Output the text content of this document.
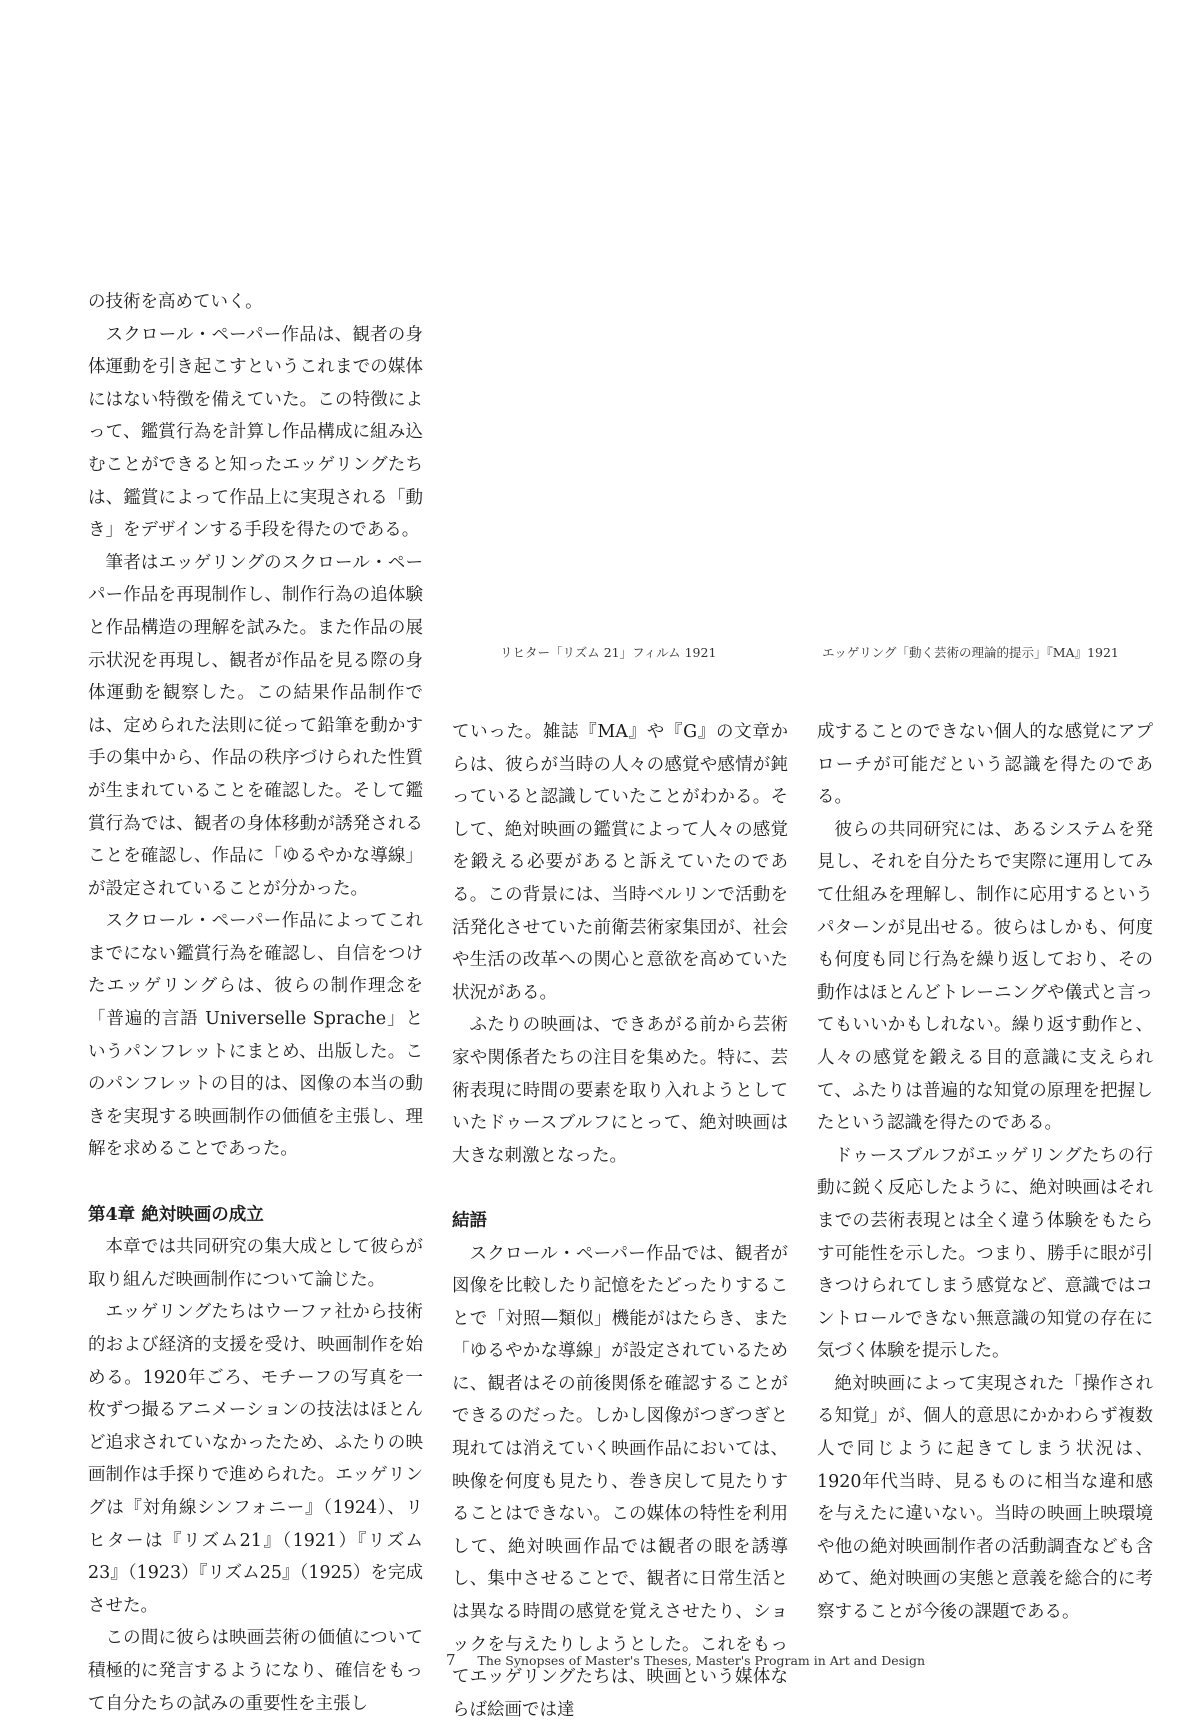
リヒター「リズム 21」フィルム 1921	エッゲリング「動く芸術の理論的提示」『MA』1921

の技術を高めていく。

スクロール・ペーパー作品は、観者の身体運動を引き起こすというこれまでの媒体にはない特徴を備えていた。この特徴によって、鑑賞行為を計算し作品構成に組み込むことができると知ったエッゲリングたちは、鑑賞によって作品上に実現される「動き」をデザインする手段を得たのである。

筆者はエッゲリングのスクロール・ペーパー作品を再現制作し、制作行為の追体験と作品構造の理解を試みた。また作品の展示状況を再現し、観者が作品を見る際の身体運動を観察した。この結果作品制作では、定められた法則に従って鉛筆を動かす手の集中から、作品の秩序づけられた性質が生まれていることを確認した。そして鑑賞行為では、観者の身体移動が誘発されることを確認し、作品に「ゆるやかな導線」が設定されていることが分かった。

スクロール・ペーパー作品によってこれまでにない鑑賞行為を確認し、自信をつけたエッゲリングらは、彼らの制作理念を「普遍的言語 Universelle Sprache」というパンフレットにまとめ、出版した。このパンフレットの目的は、図像の本当の動きを実現する映画制作の価値を主張し、理解を求めることであった。

第4章 絶対映画の成立

本章では共同研究の集大成として彼らが取り組んだ映画制作について論じた。

エッゲリングたちはウーファ社から技術的および経済的支援を受け、映画制作を始める。1920年ごろ、モチーフの写真を一枚ずつ撮るアニメーションの技法はほとんど追求されていなかったため、ふたりの映画制作は手探りで進められた。エッゲリングは『対角線シンフォニー』（1924）、リヒターは『リズム21』（1921）『リズム23』（1923）『リズム25』（1925）を完成させた。

この間に彼らは映画芸術の価値について積極的に発言するようになり、確信をもって自分たちの試みの重要性を主張し

ていった。雑誌『MA』や『G』の文章からは、彼らが当時の人々の感覚や感情が鈍っていると認識していたことがわかる。そして、絶対映画の鑑賞によって人々の感覚を鍛える必要があると訴えていたのである。この背景には、当時ベルリンで活動を活発化させていた前衛芸術家集団が、社会や生活の改革への関心と意欲を高めていた状況がある。

ふたりの映画は、できあがる前から芸術家や関係者たちの注目を集めた。特に、芸術表現に時間の要素を取り入れようとしていたドゥースブルフにとって、絶対映画は大きな刺激となった。

結語

スクロール・ペーパー作品では、観者が図像を比較したり記憶をたどったりすることで「対照—類似」機能がはたらき、また「ゆるやかな導線」が設定されているために、観者はその前後関係を確認することができるのだった。しかし図像がつぎつぎと現れては消えていく映画作品においては、映像を何度も見たり、巻き戻して見たりすることはできない。この媒体の特性を利用して、絶対映画作品では観者の眼を誘導し、集中させることで、観者に日常生活とは異なる時間の感覚を覚えさせたり、ショックを与えたりしようとした。これをもってエッゲリングたちは、映画という媒体ならば絵画では達

成することのできない個人的な感覚にアプローチが可能だという認識を得たのである。

彼らの共同研究には、あるシステムを発見し、それを自分たちで実際に運用してみて仕組みを理解し、制作に応用するというパターンが見出せる。彼らはしかも、何度も何度も同じ行為を繰り返しており、その動作はほとんどトレーニングや儀式と言ってもいいかもしれない。繰り返す動作と、人々の感覚を鍛える目的意識に支えられて、ふたりは普遍的な知覚の原理を把握したという認識を得たのである。

ドゥースブルフがエッゲリングたちの行動に鋭く反応したように、絶対映画はそれまでの芸術表現とは全く違う体験をもたらす可能性を示した。つまり、勝手に眼が引きつけられてしまう感覚など、意識ではコントロールできない無意識の知覚の存在に気づく体験を提示した。

絶対映画によって実現された「操作される知覚」が、個人的意思にかかわらず複数人で同じように起きてしまう状況は、1920年代当時、見るものに相当な違和感を与えたに違いない。当時の映画上映環境や他の絶対映画制作者の活動調査なども含めて、絶対映画の実態と意義を総合的に考察することが今後の課題である。

7 The Synopses of Master's Theses, Master's Program in Art and Design
